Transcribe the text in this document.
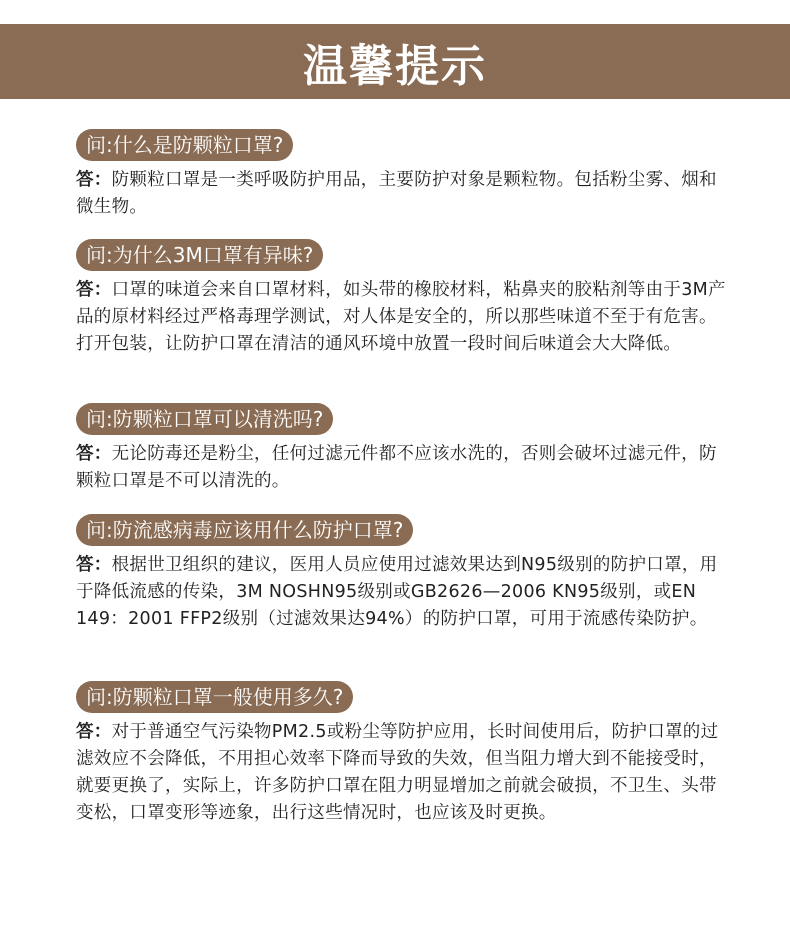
温馨提示
问:什么是防颗粒口罩?
答：防颗粒口罩是一类呼吸防护用品，主要防护对象是颗粒物。包括粉尘雾、烟和微生物。
问:为什么3M口罩有异味?
答：口罩的味道会来自口罩材料，如头带的橡胶材料，粘鼻夹的胶粘剂等由于3M产品的原材料经过严格毒理学测试，对人体是安全的，所以那些味道不至于有危害。打开包装，让防护口罩在清洁的通风环境中放置一段时间后味道会大大降低。
问:防颗粒口罩可以清洗吗?
答：无论防毒还是粉尘，任何过滤元件都不应该水洗的，否则会破坏过滤元件，防颗粒口罩是不可以清洗的。
问:防流感病毒应该用什么防护口罩?
答：根据世卫组织的建议，医用人员应使用过滤效果达到N95级别的防护口罩，用于降低流感的传染，3M NOSHN95级别或GB2626—2006 KN95级别，或EN 149：2001 FFP2级别（过滤效果达94%）的防护口罩，可用于流感传染防护。
问:防颗粒口罩一般使用多久?
答：对于普通空气污染物PM2.5或粉尘等防护应用，长时间使用后，防护口罩的过滤效应不会降低，不用担心效率下降而导致的失效，但当阻力增大到不能接受时，就要更换了，实际上，许多防护口罩在阻力明显增加之前就会破损，不卫生、头带变松，口罩变形等迹象，出行这些情况时，也应该及时更换。
